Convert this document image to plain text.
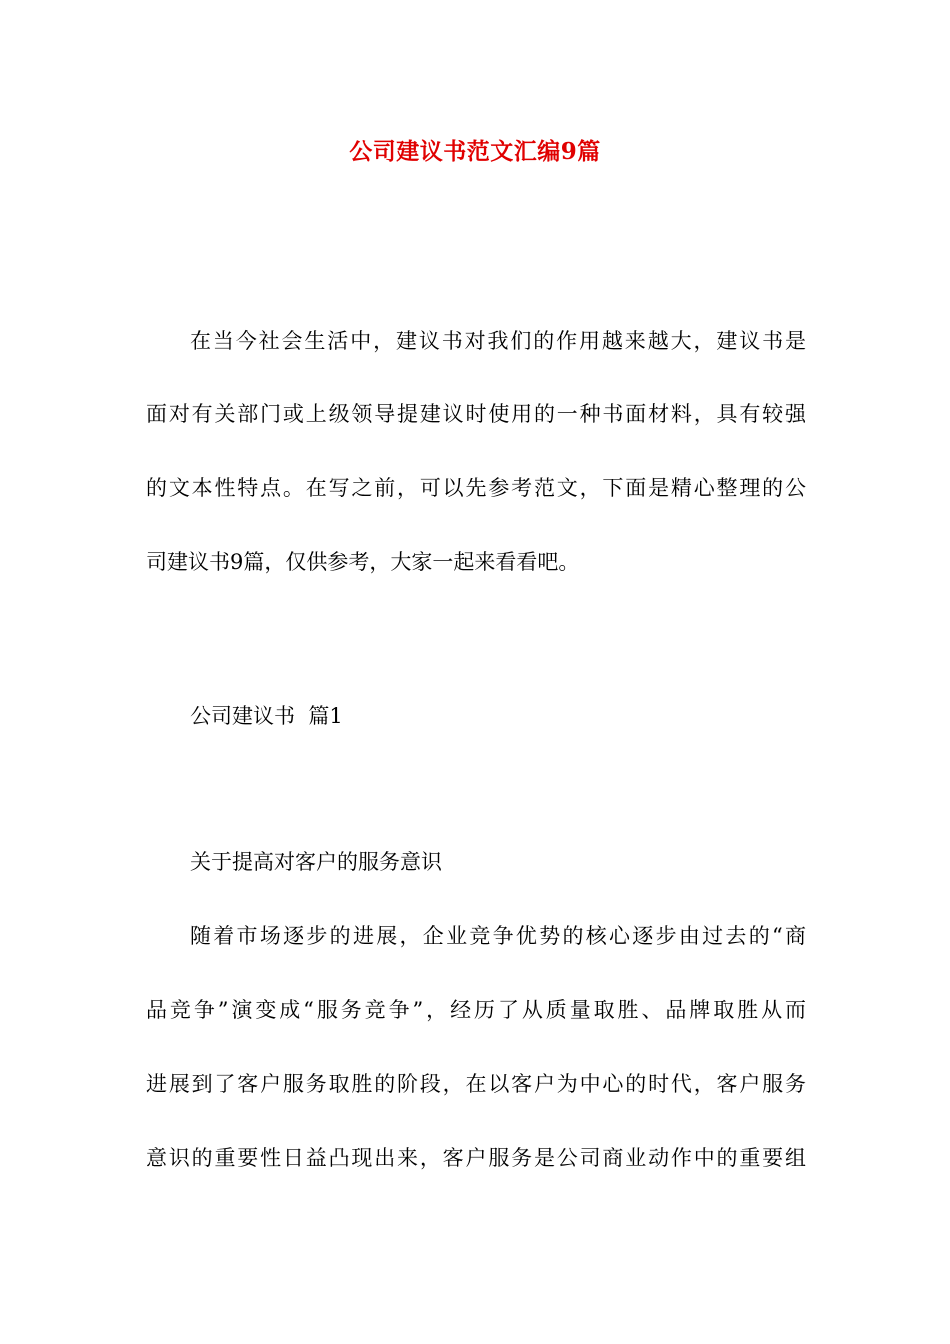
公司建议书范文汇编9篇
在当今社会生活中，建议书对我们的作用越来越大，建议书是
面对有关部门或上级领导提建议时使用的一种书面材料，具有较强
的文本性特点。在写之前，可以先参考范文，下面是精心整理的公
司建议书9篇，仅供参考，大家一起来看看吧。
公司建议书  篇1
关于提高对客户的服务意识
随着市场逐步的进展，企业竞争优势的核心逐步由过去的“商
品竞争”演变成“服务竞争”，经历了从质量取胜、品牌取胜从而
进展到了客户服务取胜的阶段，在以客户为中心的时代，客户服务
意识的重要性日益凸现出来，客户服务是公司商业动作中的重要组
